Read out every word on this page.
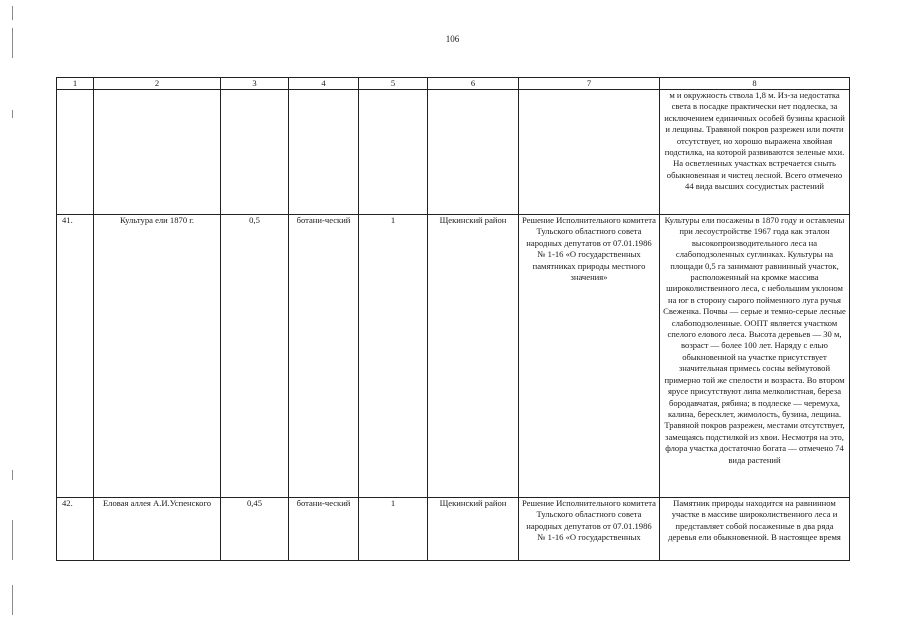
106
1	2	3	4	5	6	7	8
							м и окружность ствола 1,8 м. Из-за недостатка света в посадке практически нет подлеска, за исключением единичных особей бузины красной и лещины. Травяной покров разрежен или почти отсутствует, но хорошо выражена хвойная подстилка, на которой развиваются зеленые мхи. На осветленных участках встречается сныть обыкновенная и чистец лесной. Всего отмечено 44 вида высших сосудистых растений
41.	Культура ели 1870 г.	0,5	ботани-ческий	1	Щекинский район	Решение Исполнительного комитета Тульского областного совета народных депутатов от 07.01.1986 № 1-16 «О государственных памятниках природы местного значения»	Культуры ели посажены в 1870 году и оставлены при лесоустройстве 1967 года как эталон высокопроизводительного леса на слабоподзоленных суглинках. Культуры на площади 0,5 га занимают равнинный участок, расположенный на кромке массива широколиственного леса, с небольшим уклоном на юг в сторону сырого пойменного луга ручья Свеженка. Почвы — серые и темно-серые лесные слабоподзоленные. ООПТ является участком спелого елового леса. Высота деревьев — 30 м, возраст — более 100 лет. Наряду с елью обыкновенной на участке присутствует значительная примесь сосны веймутовой примерно той же спелости и возраста. Во втором ярусе присутствуют липа мелколистная, береза бородавчатая, рябина; в подлеске — черемуха, калина, бересклет, жимолость, бузина, лещина. Травяной покров разрежен, местами отсутствует, замещаясь подстилкой из хвои. Несмотря на это, флора участка достаточно богата — отмечено 74 вида растений
42.	Еловая аллея А.И.Успенского	0,45	ботани-ческий	1	Щекинский район	Решение Исполнительного комитета Тульского областного совета народных депутатов от 07.01.1986 № 1-16 «О государственных	Памятник природы находится на равнинном участке в массиве широколиственного леса и представляет собой посаженные в два ряда деревья ели обыкновенной. В настоящее время
